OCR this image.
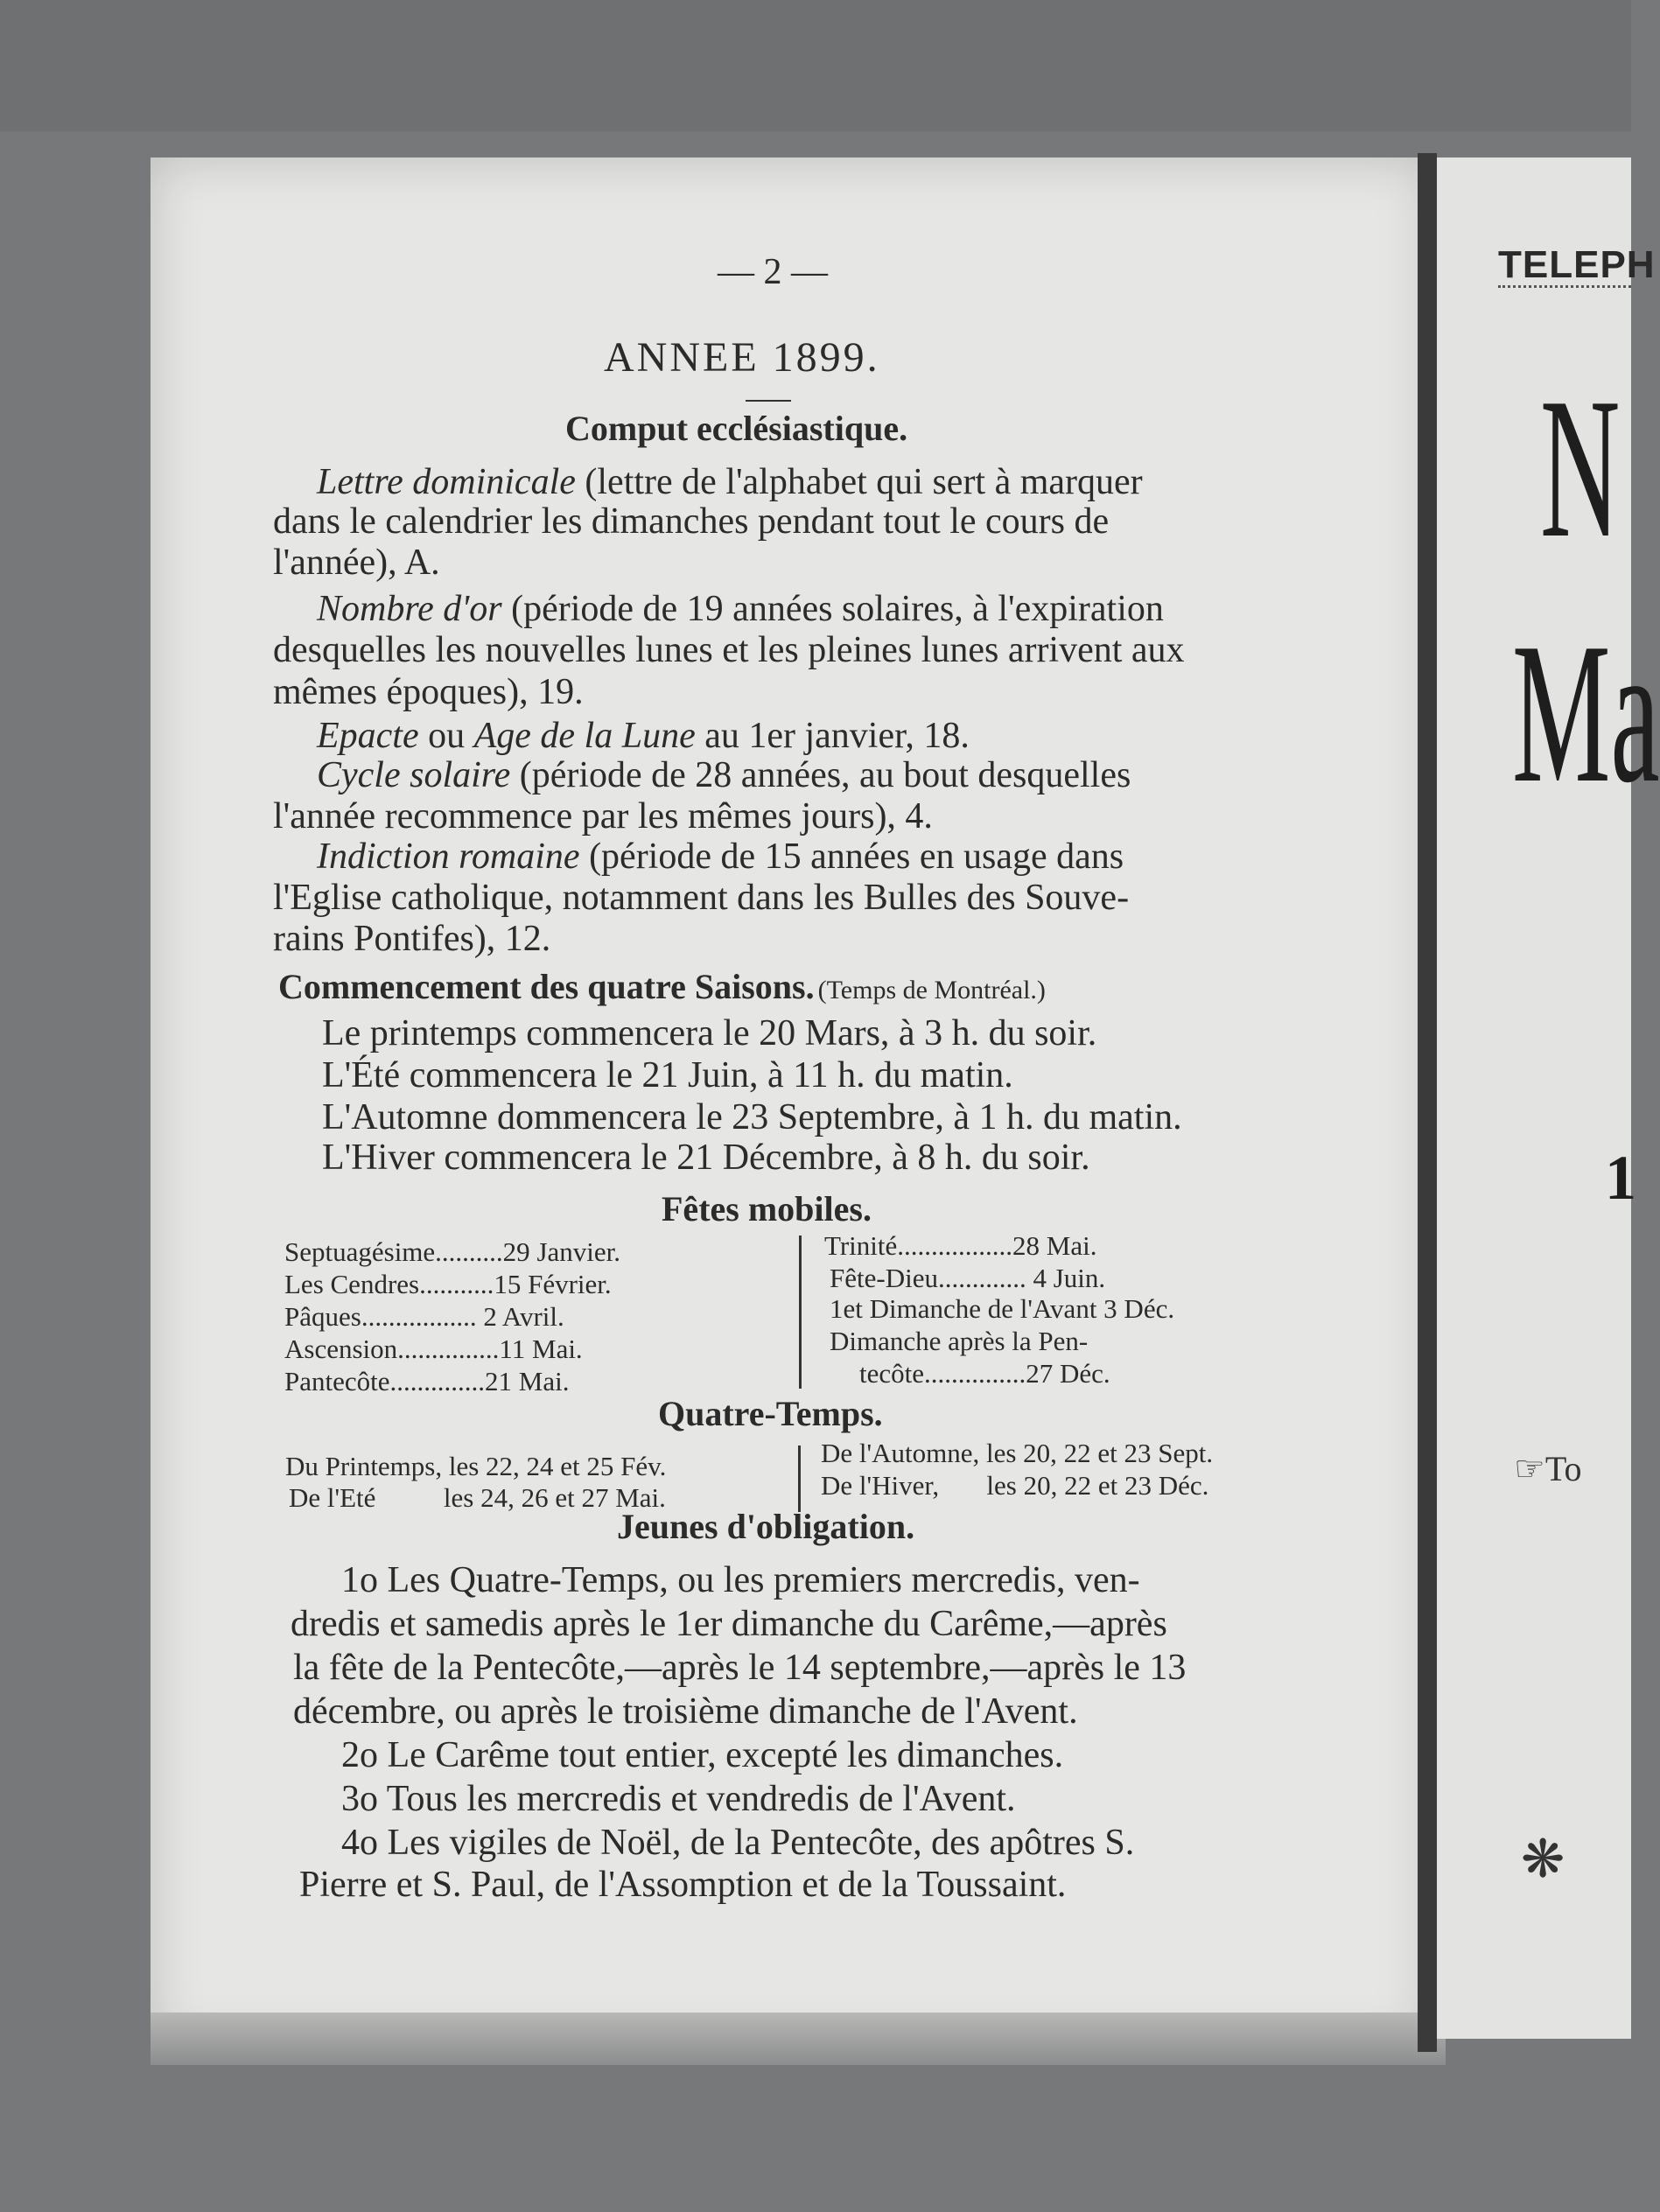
TELEPH
N
Ma
1
☞To
❋
— 2 —
ANNEE 1899.
Comput ecclésiastique.
Lettre dominicale (lettre de l'alphabet qui sert à marquer
dans le calendrier les dimanches pendant tout le cours de
l'année), A.
Nombre d'or (période de 19 années solaires, à l'expiration
desquelles les nouvelles lunes et les pleines lunes arrivent aux
mêmes époques), 19.
Epacte ou Age de la Lune au 1er janvier, 18.
Cycle solaire (période de 28 années, au bout desquelles
l'année recommence par les mêmes jours), 4.
Indiction romaine (période de 15 années en usage dans
l'Eglise catholique, notamment dans les Bulles des Souve-
rains Pontifes), 12.
Commencement des quatre Saisons. (Temps de Montréal.)
Le printemps commencera le 20 Mars, à 3 h. du soir.
L'Été commencera le 21 Juin, à 11 h. du matin.
L'Automne dommencera le 23 Septembre, à 1 h. du matin.
L'Hiver commencera le 21 Décembre, à 8 h. du soir.
Fêtes mobiles.
Septuagésime..........29 Janvier.
Les Cendres...........15 Février.
Pâques................. 2 Avril.
Ascension...............11 Mai.
Pantecôte..............21 Mai.
Trinité.................28 Mai.
Fête-Dieu............. 4 Juin.
1et Dimanche de l'Avant 3 Déc.
Dimanche après la Pen-
tecôte...............27 Déc.
Quatre-Temps.
Du Printemps, les 22, 24 et 25 Fév.
De l'Eté          les 24, 26 et 27 Mai.
De l'Automne, les 20, 22 et 23 Sept.
De l'Hiver,       les 20, 22 et 23 Déc.
Jeunes d'obligation.
1o Les Quatre-Temps, ou les premiers mercredis, ven-
dredis et samedis après le 1er dimanche du Carême,—après
la fête de la Pentecôte,—après le 14 septembre,—après le 13
décembre, ou après le troisième dimanche de l'Avent.
2o Le Carême tout entier, excepté les dimanches.
3o Tous les mercredis et vendredis de l'Avent.
4o Les vigiles de Noël, de la Pentecôte, des apôtres S.
Pierre et S. Paul, de l'Assomption et de la Toussaint.
